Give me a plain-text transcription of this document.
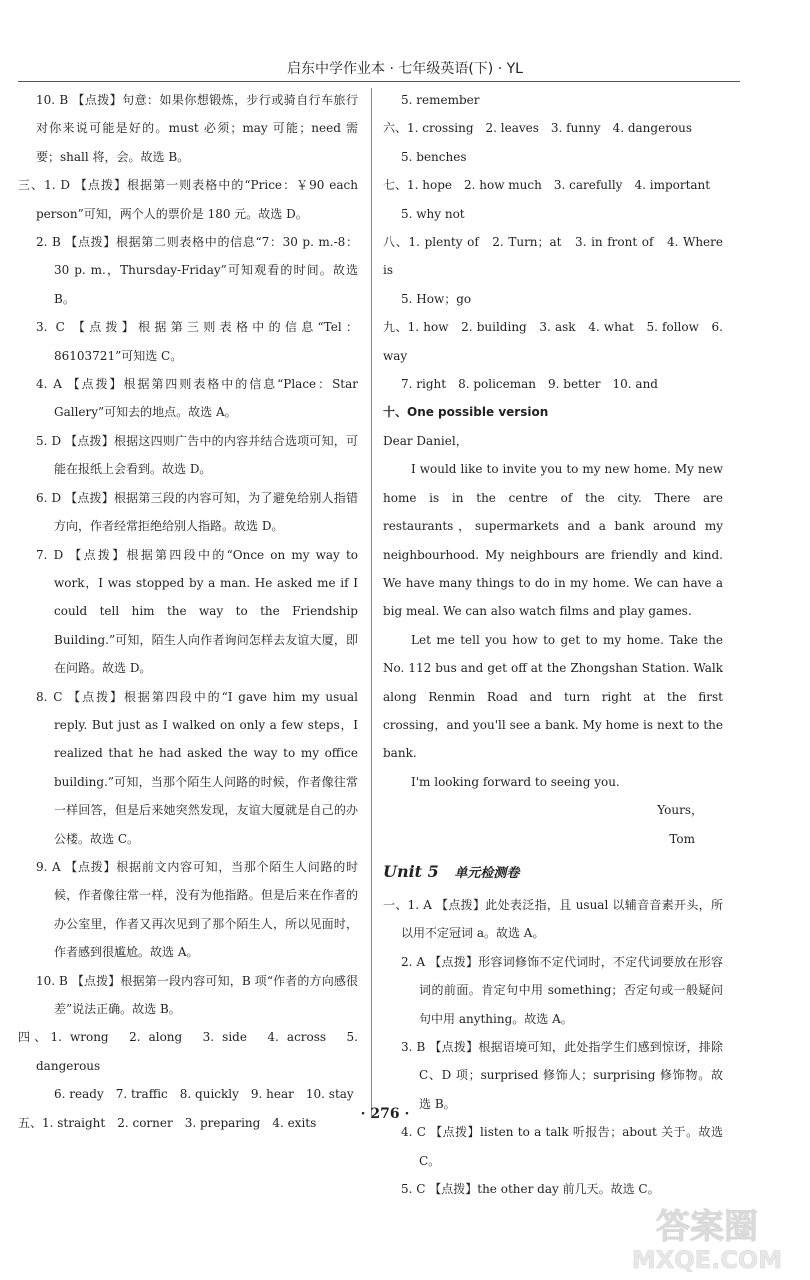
启东中学作业本 · 七年级英语(下) · YL

10. B 【点拨】句意：如果你想锻炼，步行或骑自行车旅行对你来说可能是好的。must 必须；may 可能；need 需要；shall 将，会。故选 B。

三、1. D 【点拨】根据第一则表格中的“Price：￥90 each person”可知，两个人的票价是 180 元。故选 D。

2. B 【点拨】根据第二则表格中的信息“7：30 p. m.-8：30 p. m.，Thursday-Friday”可知观看的时间。故选 B。

3. C 【点拨】根据第三则表格中的信息“Tel：86103721”可知选 C。

4. A 【点拨】根据第四则表格中的信息“Place：Star Gallery”可知去的地点。故选 A。

5. D 【点拨】根据这四则广告中的内容并结合选项可知，可能在报纸上会看到。故选 D。

6. D 【点拨】根据第三段的内容可知，为了避免给别人指错方向，作者经常拒绝给别人指路。故选 D。

7. D 【点拨】根据第四段中的“Once on my way to work，I was stopped by a man. He asked me if I could tell him the way to the Friendship Building.”可知，陌生人向作者询问怎样去友谊大厦，即在问路。故选 D。

8. C 【点拨】根据第四段中的“I gave him my usual reply. But just as I walked on only a few steps，I realized that he had asked the way to my office building.”可知，当那个陌生人问路的时候，作者像往常一样回答，但是后来她突然发现，友谊大厦就是自己的办公楼。故选 C。

9. A 【点拨】根据前文内容可知，当那个陌生人问路的时候，作者像往常一样，没有为他指路。但是后来在作者的办公室里，作者又再次见到了那个陌生人，所以见面时，作者感到很尴尬。故选 A。

10. B 【点拨】根据第一段内容可知，B 项“作者的方向感很差”说法正确。故选 B。

四、1. wrong　2. along　3. side　4. across　5. dangerous

6. ready　7. traffic　8. quickly　9. hear　10. stay

五、1. straight　2. corner　3. preparing　4. exits

5. remember

六、1. crossing　2. leaves　3. funny　4. dangerous

5. benches

七、1. hope　2. how much　3. carefully　4. important

5. why not

八、1. plenty of　2. Turn；at　3. in front of　4. Where is

5. How；go

九、1. how　2. building　3. ask　4. what　5. follow　6. way

7. right　8. policeman　9. better　10. and

十、One possible version

Dear Daniel，

I would like to invite you to my new home. My new home is in the centre of the city. There are restaurants，supermarkets and a bank around my neighbourhood. My neighbours are friendly and kind. We have many things to do in my home. We can have a big meal. We can also watch films and play games.

Let me tell you how to get to my home. Take the No. 112 bus and get off at the Zhongshan Station. Walk along Renmin Road and turn right at the first crossing，and you'll see a bank. My home is next to the bank.

I'm looking forward to seeing you.

Yours，

Tom

Unit 5 单元检测卷

一、1. A 【点拨】此处表泛指，且 usual 以辅音音素开头，所以用不定冠词 a。故选 A。

2. A 【点拨】形容词修饰不定代词时，不定代词要放在形容词的前面。肯定句中用 something；否定句或一般疑问句中用 anything。故选 A。

3. B 【点拨】根据语境可知，此处指学生们感到惊讶，排除 C、D 项；surprised 修饰人；surprising 修饰物。故选 B。

4. C 【点拨】listen to a talk 听报告；about 关于。故选 C。

5. C 【点拨】the other day 前几天。故选 C。

· 276 ·
答案圈
MXQE.COM
